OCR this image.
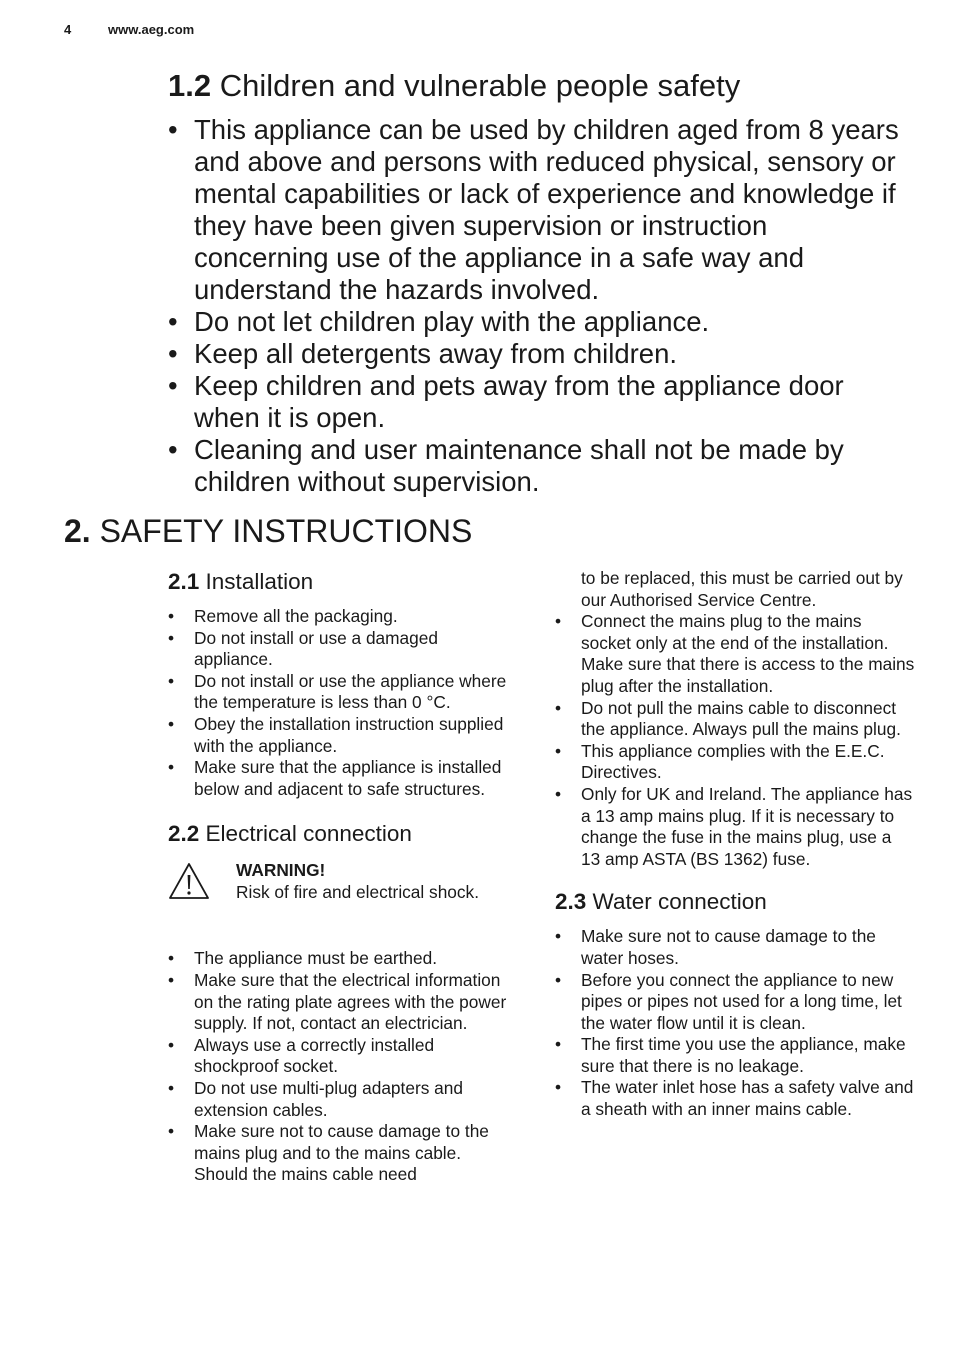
4	www.aeg.com
1.2 Children and vulnerable people safety
• This appliance can be used by children aged from 8 years and above and persons with reduced physical, sensory or mental capabilities or lack of experience and knowledge if they have been given supervision or instruction concerning use of the appliance in a safe way and understand the hazards involved.
• Do not let children play with the appliance.
• Keep all detergents away from children.
• Keep children and pets away from the appliance door when it is open.
• Cleaning and user maintenance shall not be made by children without supervision.
2. SAFETY INSTRUCTIONS
2.1 Installation
• Remove all the packaging.
• Do not install or use a damaged appliance.
• Do not install or use the appliance where the temperature is less than 0 °C.
• Obey the installation instruction supplied with the appliance.
• Make sure that the appliance is installed below and adjacent to safe structures.
2.2 Electrical connection
WARNING!
Risk of fire and electrical shock.
• The appliance must be earthed.
• Make sure that the electrical information on the rating plate agrees with the power supply. If not, contact an electrician.
• Always use a correctly installed shockproof socket.
• Do not use multi-plug adapters and extension cables.
• Make sure not to cause damage to the mains plug and to the mains cable. Should the mains cable need

to be replaced, this must be carried out by our Authorised Service Centre.

• Connect the mains plug to the mains socket only at the end of the installation. Make sure that there is access to the mains plug after the installation.
• Do not pull the mains cable to disconnect the appliance. Always pull the mains plug.
• This appliance complies with the E.E.C. Directives.
• Only for UK and Ireland. The appliance has a 13 amp mains plug. If it is necessary to change the fuse in the mains plug, use a 13 amp ASTA (BS 1362) fuse.
2.3 Water connection
• Make sure not to cause damage to the water hoses.
• Before you connect the appliance to new pipes or pipes not used for a long time, let the water flow until it is clean.
• The first time you use the appliance, make sure that there is no leakage.
• The water inlet hose has a safety valve and a sheath with an inner mains cable.
